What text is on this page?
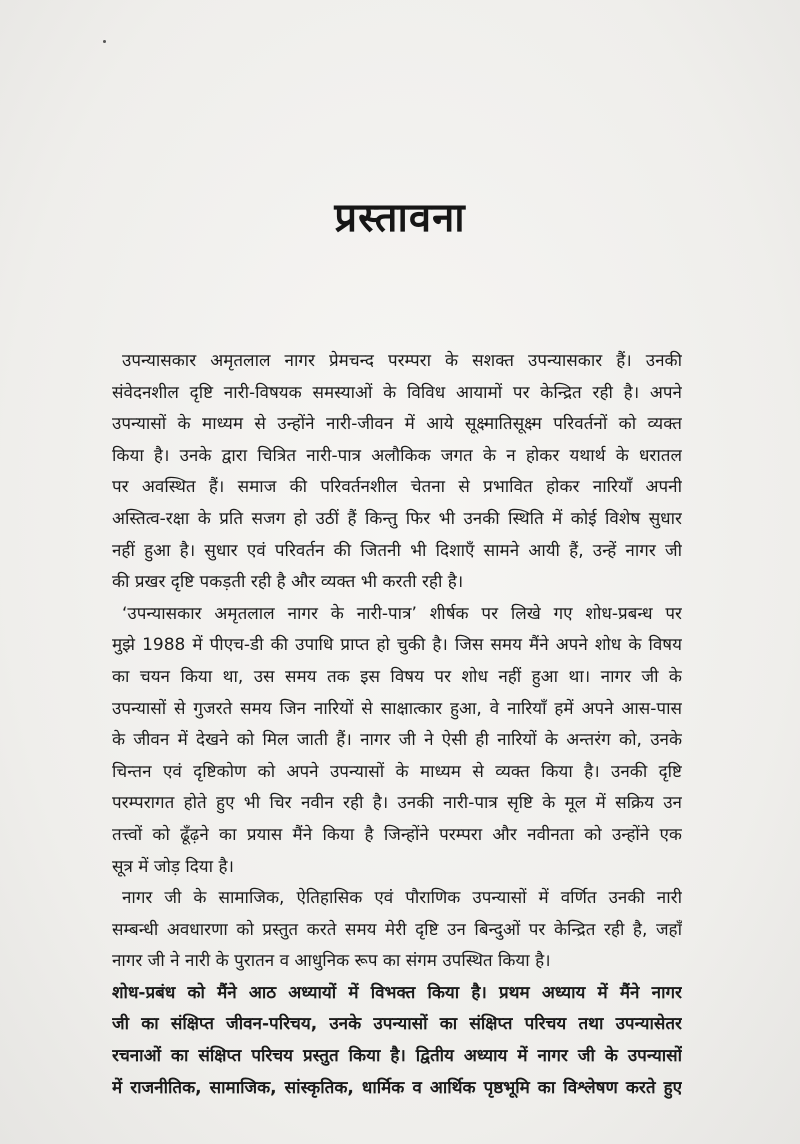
प्रस्तावना
उपन्यासकार अमृतलाल नागर प्रेमचन्द परम्परा के सशक्त उपन्यासकार हैं। उनकी
संवेदनशील दृष्टि नारी-विषयक समस्याओं के विविध आयामों पर केन्द्रित रही है। अपने
उपन्यासों के माध्यम से उन्होंने नारी-जीवन में आये सूक्ष्मातिसूक्ष्म परिवर्तनों को व्यक्त
किया है। उनके द्वारा चित्रित नारी-पात्र अलौकिक जगत के न होकर यथार्थ के धरातल
पर अवस्थित हैं। समाज की परिवर्तनशील चेतना से प्रभावित होकर नारियाँ अपनी
अस्तित्व-रक्षा के प्रति सजग हो उठीं हैं किन्तु फिर भी उनकी स्थिति में कोई विशेष सुधार
नहीं हुआ है। सुधार एवं परिवर्तन की जितनी भी दिशाएँ सामने आयी हैं, उन्हें नागर जी
की प्रखर दृष्टि पकड़ती रही है और व्यक्त भी करती रही है।
‘उपन्यासकार अमृतलाल नागर के नारी-पात्र’ शीर्षक पर लिखे गए शोध-प्रबन्ध पर
मुझे 1988 में पीएच-डी की उपाधि प्राप्त हो चुकी है। जिस समय मैंने अपने शोध के विषय
का चयन किया था, उस समय तक इस विषय पर शोध नहीं हुआ था। नागर जी के
उपन्यासों से गुजरते समय जिन नारियों से साक्षात्कार हुआ, वे नारियाँ हमें अपने आस-पास
के जीवन में देखने को मिल जाती हैं। नागर जी ने ऐसी ही नारियों के अन्तरंग को, उनके
चिन्तन एवं दृष्टिकोण को अपने उपन्यासों के माध्यम से व्यक्त किया है। उनकी दृष्टि
परम्परागत होते हुए भी चिर नवीन रही है। उनकी नारी-पात्र सृष्टि के मूल में सक्रिय उन
तत्त्वों को ढूँढ़ने का प्रयास मैंने किया है जिन्होंने परम्परा और नवीनता को उन्होंने एक
सूत्र में जोड़ दिया है।
नागर जी के सामाजिक, ऐतिहासिक एवं पौराणिक उपन्यासों में वर्णित उनकी नारी
सम्बन्धी अवधारणा को प्रस्तुत करते समय मेरी दृष्टि उन बिन्दुओं पर केन्द्रित रही है, जहाँ
नागर जी ने नारी के पुरातन व आधुनिक रूप का संगम उपस्थित किया है।
शोध-प्रबंध को मैंने आठ अध्यायों में विभक्त किया है। प्रथम अध्याय में मैंने नागर
जी का संक्षिप्त जीवन-परिचय, उनके उपन्यासों का संक्षिप्त परिचय तथा उपन्यासेतर
रचनाओं का संक्षिप्त परिचय प्रस्तुत किया है। द्वितीय अध्याय में नागर जी के उपन्यासों
में राजनीतिक, सामाजिक, सांस्कृतिक, धार्मिक व आर्थिक पृष्ठभूमि का विश्लेषण करते हुए
